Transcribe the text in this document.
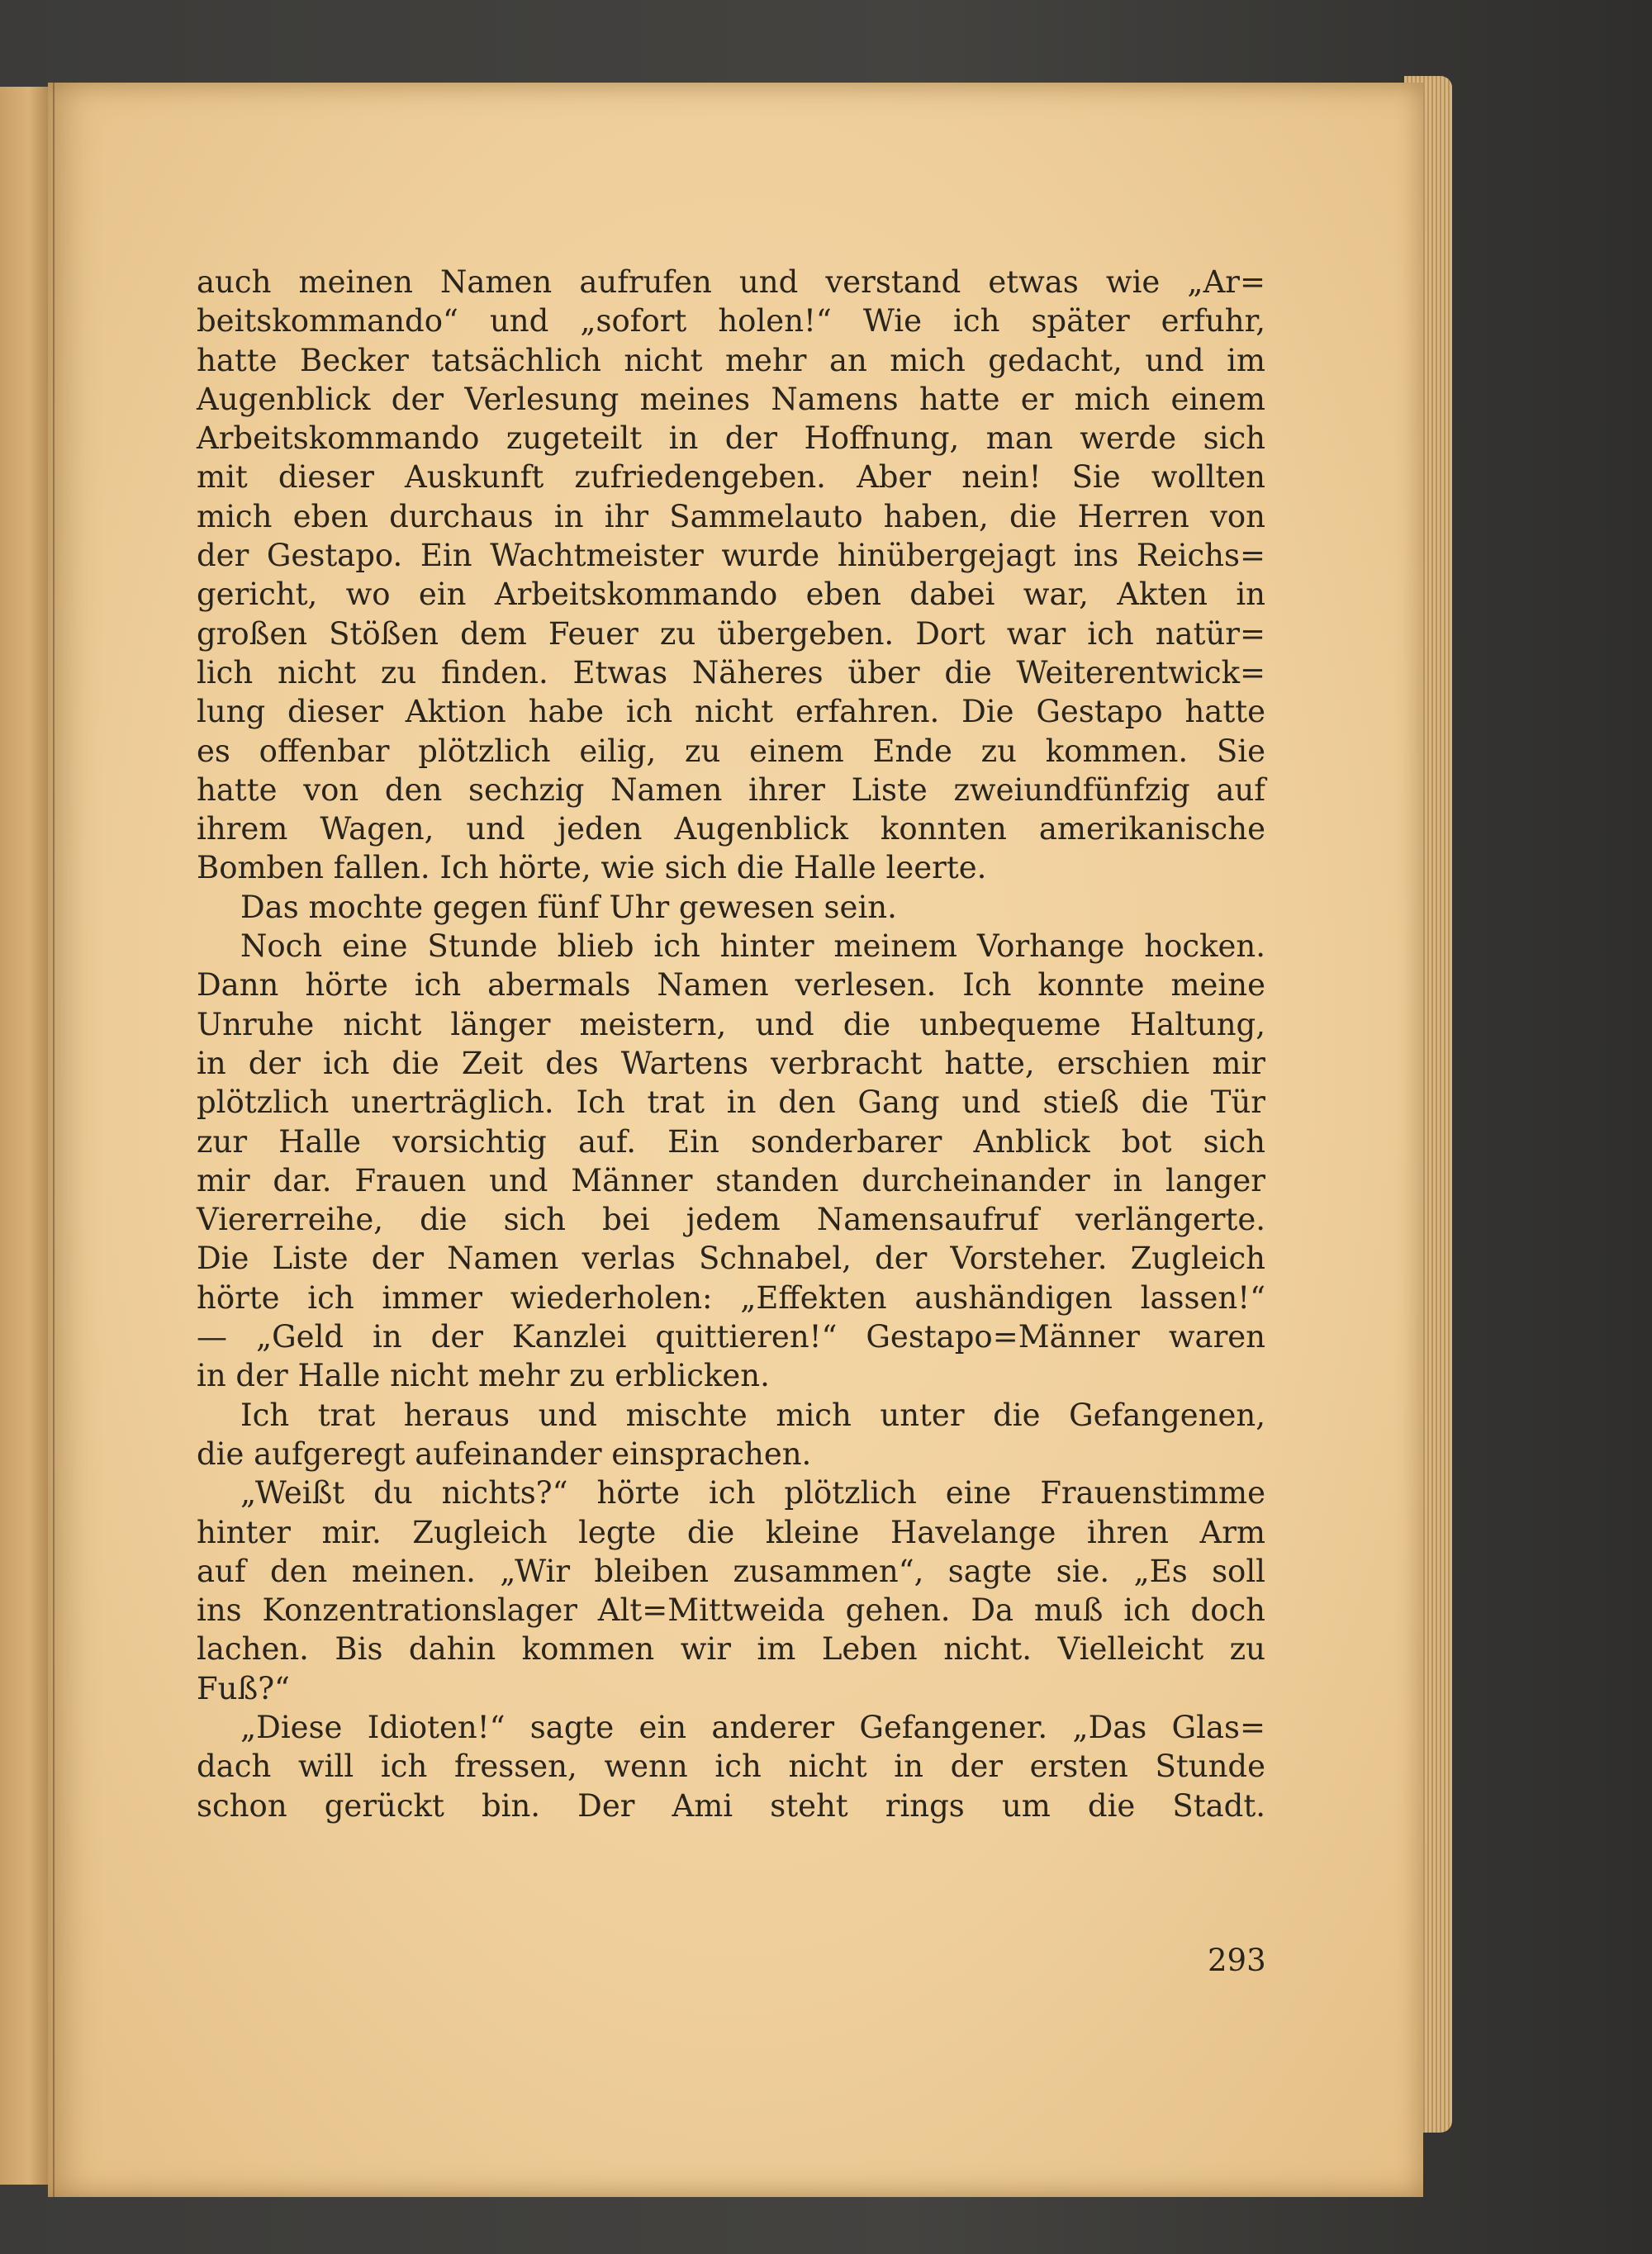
auch meinen Namen aufrufen und verstand etwas wie „Ar=
beitskommando“ und „sofort holen!“ Wie ich später erfuhr,
hatte Becker tatsächlich nicht mehr an mich gedacht, und im
Augenblick der Verlesung meines Namens hatte er mich einem
Arbeitskommando zugeteilt in der Hoffnung, man werde sich
mit dieser Auskunft zufriedengeben. Aber nein! Sie wollten
mich eben durchaus in ihr Sammelauto haben, die Herren von
der Gestapo. Ein Wachtmeister wurde hinübergejagt ins Reichs=
gericht, wo ein Arbeitskommando eben dabei war, Akten in
großen Stößen dem Feuer zu übergeben. Dort war ich natür=
lich nicht zu finden. Etwas Näheres über die Weiterentwick=
lung dieser Aktion habe ich nicht erfahren. Die Gestapo hatte
es offenbar plötzlich eilig, zu einem Ende zu kommen. Sie
hatte von den sechzig Namen ihrer Liste zweiundfünfzig auf
ihrem Wagen, und jeden Augenblick konnten amerikanische
Bomben fallen. Ich hörte, wie sich die Halle leerte.
Das mochte gegen fünf Uhr gewesen sein.
Noch eine Stunde blieb ich hinter meinem Vorhange hocken.
Dann hörte ich abermals Namen verlesen. Ich konnte meine
Unruhe nicht länger meistern, und die unbequeme Haltung,
in der ich die Zeit des Wartens verbracht hatte, erschien mir
plötzlich unerträglich. Ich trat in den Gang und stieß die Tür
zur Halle vorsichtig auf. Ein sonderbarer Anblick bot sich
mir dar. Frauen und Männer standen durcheinander in langer
Viererreihe, die sich bei jedem Namensaufruf verlängerte.
Die Liste der Namen verlas Schnabel, der Vorsteher. Zugleich
hörte ich immer wiederholen: „Effekten aushändigen lassen!“
— „Geld in der Kanzlei quittieren!“ Gestapo=Männer waren
in der Halle nicht mehr zu erblicken.
Ich trat heraus und mischte mich unter die Gefangenen,
die aufgeregt aufeinander einsprachen.
„Weißt du nichts?“ hörte ich plötzlich eine Frauenstimme
hinter mir. Zugleich legte die kleine Havelange ihren Arm
auf den meinen. „Wir bleiben zusammen“, sagte sie. „Es soll
ins Konzentrationslager Alt=Mittweida gehen. Da muß ich doch
lachen. Bis dahin kommen wir im Leben nicht. Vielleicht zu
Fuß?“
„Diese Idioten!“ sagte ein anderer Gefangener. „Das Glas=
dach will ich fressen, wenn ich nicht in der ersten Stunde
schon gerückt bin. Der Ami steht rings um die Stadt.
293
